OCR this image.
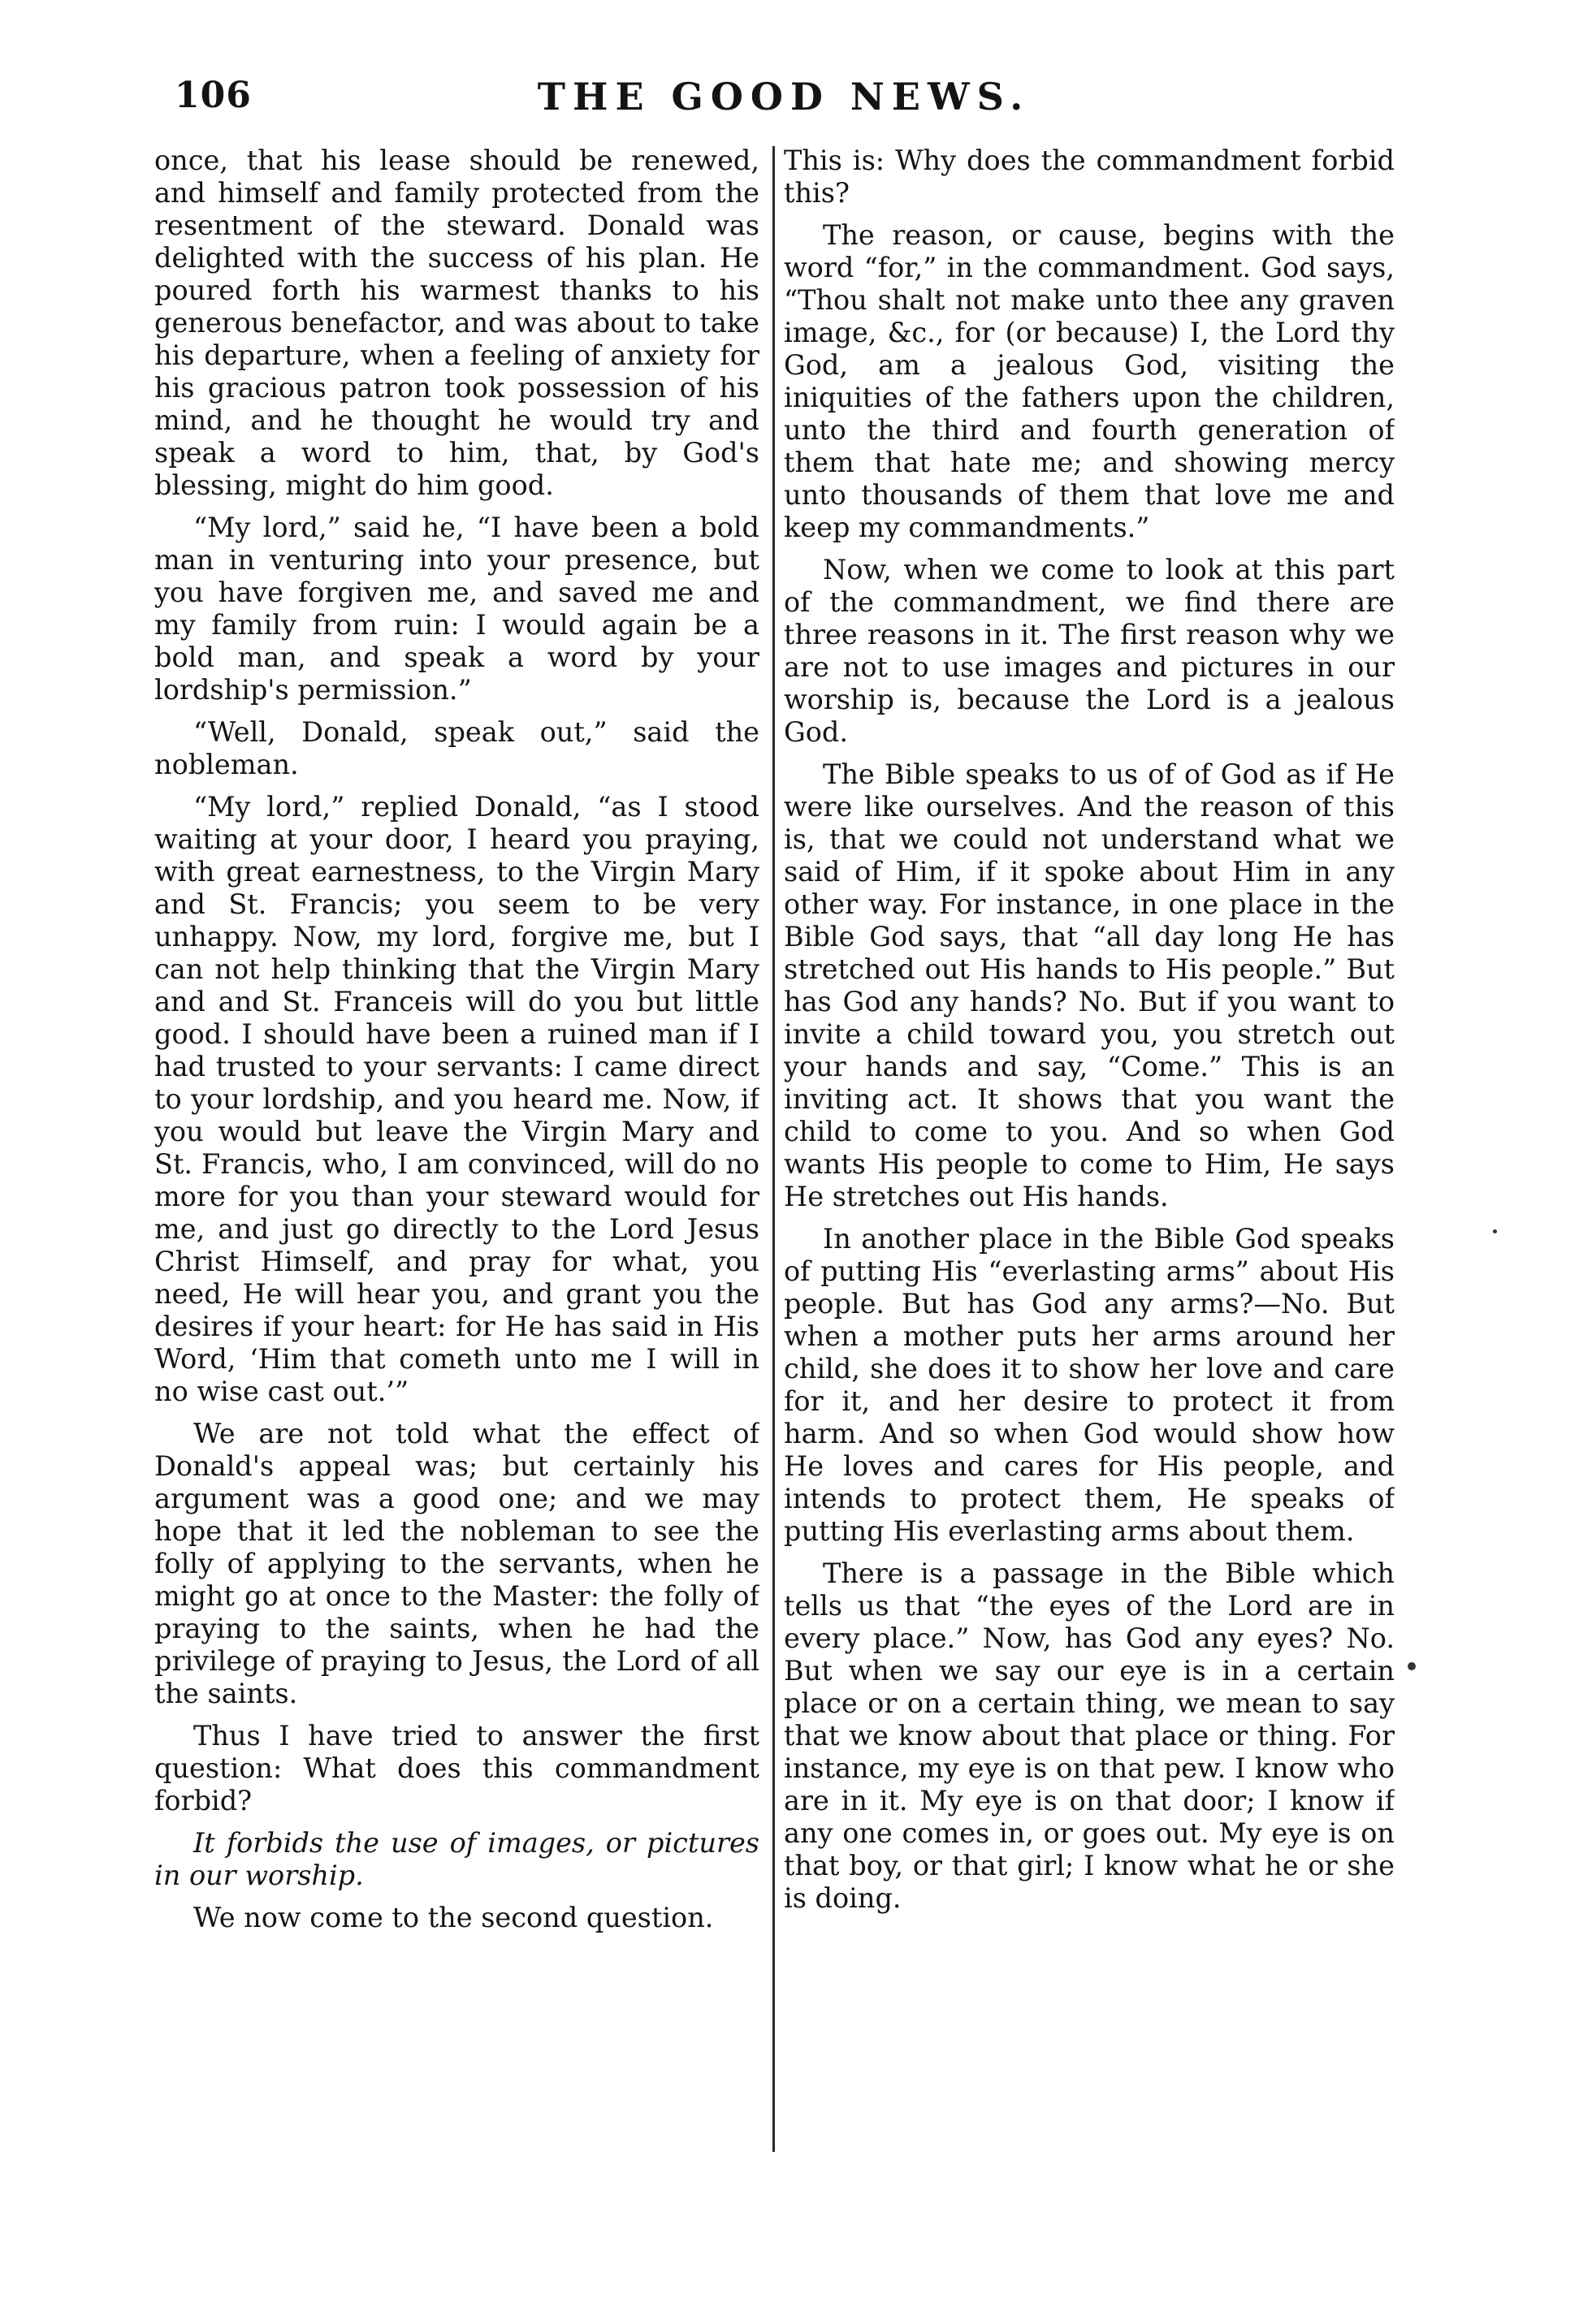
106	THE GOOD NEWS.

once, that his lease should be renewed, and himself and family protected from the resentment of the steward. Donald was delighted with the success of his plan. He poured forth his warmest thanks to his generous benefactor, and was about to take his departure, when a feeling of anxiety for his gracious patron took possession of his mind, and he thought he would try and speak a word to him, that, by God's blessing, might do him good.

“My lord,” said he, “I have been a bold man in venturing into your presence, but you have forgiven me, and saved me and my family from ruin: I would again be a bold man, and speak a word by your lordship's permission.”

“Well, Donald, speak out,” said the nobleman.

“My lord,” replied Donald, “as I stood waiting at your door, I heard you praying, with great earnestness, to the Virgin Mary and St. Francis; you seem to be very unhappy. Now, my lord, forgive me, but I can not help thinking that the Virgin Mary and and St. Franceis will do you but little good. I should have been a ruined man if I had trusted to your servants: I came direct to your lordship, and you heard me. Now, if you would but leave the Virgin Mary and St. Francis, who, I am convinced, will do no more for you than your steward would for me, and just go directly to the Lord Jesus Christ Himself, and pray for what, you need, He will hear you, and grant you the desires if your heart: for He has said in His Word, ‘Him that cometh unto me I will in no wise cast out.’”

We are not told what the effect of Donald's appeal was; but certainly his argument was a good one; and we may hope that it led the nobleman to see the folly of applying to the servants, when he might go at once to the Master: the folly of praying to the saints, when he had the privilege of praying to Jesus, the Lord of all the saints.

Thus I have tried to answer the first question: What does this commandment forbid?

It forbids the use of images, or pictures in our worship.

We now come to the second question.

This is: Why does the commandment forbid this?

The reason, or cause, begins with the word “for,” in the commandment. God says, “Thou shalt not make unto thee any graven image, &c., for (or because) I, the Lord thy God, am a jealous God, visiting the iniquities of the fathers upon the children, unto the third and fourth generation of them that hate me; and showing mercy unto thousands of them that love me and keep my commandments.”

Now, when we come to look at this part of the commandment, we find there are three reasons in it. The first reason why we are not to use images and pictures in our worship is, because the Lord is a jealous God.

The Bible speaks to us of of God as if He were like ourselves. And the reason of this is, that we could not understand what we said of Him, if it spoke about Him in any other way. For instance, in one place in the Bible God says, that “all day long He has stretched out His hands to His people.” But has God any hands? No. But if you want to invite a child toward you, you stretch out your hands and say, “Come.” This is an inviting act. It shows that you want the child to come to you. And so when God wants His people to come to Him, He says He stretches out His hands.

In another place in the Bible God speaks of putting His “everlasting arms” about His people. But has God any arms?—No. But when a mother puts her arms around her child, she does it to show her love and care for it, and her desire to protect it from harm. And so when God would show how He loves and cares for His people, and intends to protect them, He speaks of putting His everlasting arms about them.

There is a passage in the Bible which tells us that “the eyes of the Lord are in every place.” Now, has God any eyes? No. But when we say our eye is in a certain place or on a certain thing, we mean to say that we know about that place or thing. For instance, my eye is on that pew. I know who are in it. My eye is on that door; I know if any one comes in, or goes out. My eye is on that boy, or that girl; I know what he or she is doing.
